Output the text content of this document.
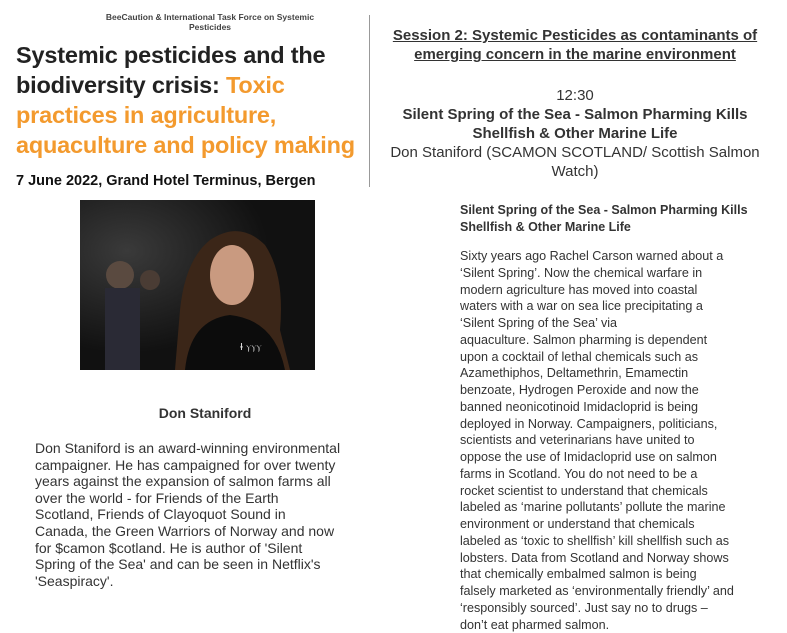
BeeCaution & International Task Force on Systemic Pesticides
Systemic pesticides and the biodiversity crisis: Toxic practices in agriculture, aquaculture and policy making
7 June 2022, Grand Hotel Terminus, Bergen
Ɨ ⲩⲩⲩ
Don Staniford
Don Staniford is an award-winning environmental
campaigner. He has campaigned for over twenty
years against the expansion of salmon farms all
over the world - for Friends of the Earth
Scotland, Friends of Clayoquot Sound in
Canada, the Green Warriors of Norway and now
for $camon $cotland. He is author of 'Silent
Spring of the Sea' and can be seen in Netflix's
'Seaspiracy'.
Session 2: Systemic Pesticides as contaminants of emerging concern in the marine environment
12:30
Silent Spring of the Sea - Salmon Pharming Kills Shellfish & Other Marine Life
Don Staniford (SCAMON SCOTLAND/ Scottish Salmon Watch)
Silent Spring of the Sea - Salmon Pharming Kills Shellfish & Other Marine Life
Sixty years ago Rachel Carson warned about a
‘Silent Spring’. Now the chemical warfare in
modern agriculture has moved into coastal
waters with a war on sea lice precipitating a
‘Silent Spring of the Sea’ via
aquaculture. Salmon pharming is dependent
upon a cocktail of lethal chemicals such as
Azamethiphos, Deltamethrin, Emamectin
benzoate, Hydrogen Peroxide and now the
banned neonicotinoid Imidacloprid is being
deployed in Norway. Campaigners, politicians,
scientists and veterinarians have united to
oppose the use of Imidacloprid use on salmon
farms in Scotland. You do not need to be a
rocket scientist to understand that chemicals
labeled as ‘marine pollutants’ pollute the marine
environment or understand that chemicals
labeled as ‘toxic to shellfish’ kill shellfish such as
lobsters. Data from Scotland and Norway shows
that chemically embalmed salmon is being
falsely marketed as ‘environmentally friendly’ and
‘responsibly sourced’. Just say no to drugs –
don’t eat pharmed salmon.
